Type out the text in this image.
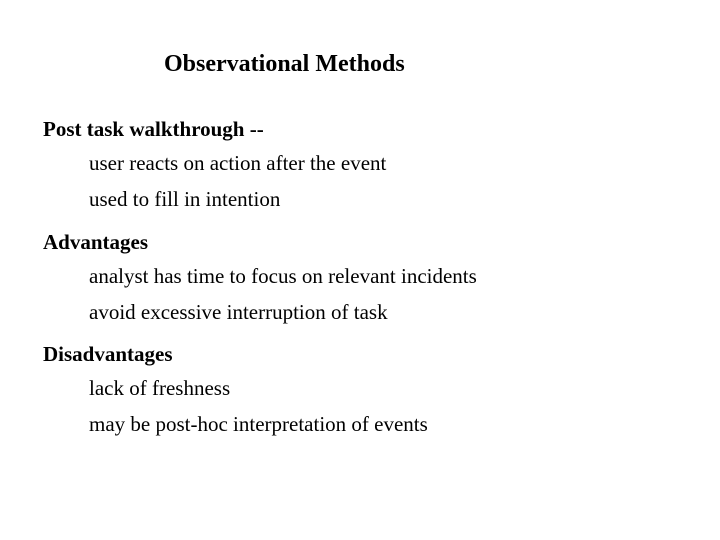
Observational Methods
Post task walkthrough --
user reacts on action after the event
used to fill in intention
Advantages
analyst has time to focus on relevant incidents
avoid excessive interruption of task
Disadvantages
lack of freshness
may be post-hoc interpretation of events
